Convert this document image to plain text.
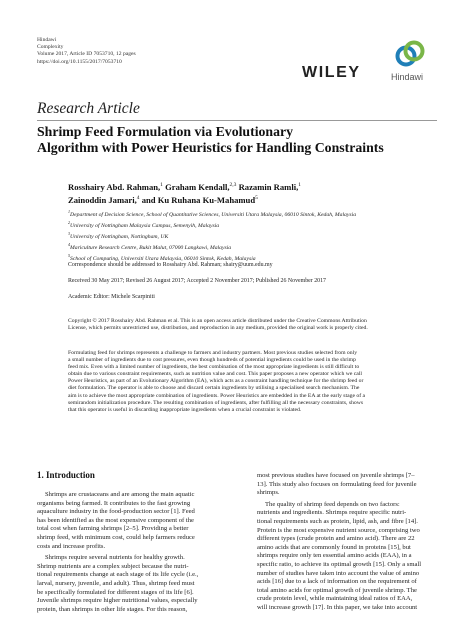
Hindawi
Complexity
Volume 2017, Article ID 7053710, 12 pages
https://doi.org/10.1155/2017/7053710
WILEY	Hindawi
Research Article
Shrimp Feed Formulation via Evolutionary
Algorithm with Power Heuristics for Handling Constraints
Rosshairy Abd. Rahman,$^1$ Graham Kendall,$^{2,3}$ Razamin Ramli,$^1$
Zainoddin Jamari,$^4$ and Ku Ruhana Ku-Mahamud$^5$
$^1$Department of Decision Science, School of Quantitative Sciences, Universiti Utara Malaysia, 06010 Sintok, Kedah, Malaysia
$^2$University of Nottingham Malaysia Campus, Semenyih, Malaysia
$^3$University of Nottingham, Nottingham, UK
$^4$Mariculture Research Centre, Bukit Malut, 07000 Langkawi, Malaysia
$^5$School of Computing, Universiti Utara Malaysia, 06010 Sintok, Kedah, Malaysia
Correspondence should be addressed to Rosshairy Abd. Rahman; shairy@uum.edu.my
Received 30 May 2017; Revised 26 August 2017; Accepted 2 November 2017; Published 26 November 2017
Academic Editor: Michele Scarpiniti
Copyright © 2017 Rosshairy Abd. Rahman et al. This is an open access article distributed under the Creative Commons Attribution
License, which permits unrestricted use, distribution, and reproduction in any medium, provided the original work is properly cited.
Formulating feed for shrimps represents a challenge to farmers and industry partners. Most previous studies selected from only
a small number of ingredients due to cost pressures, even though hundreds of potential ingredients could be used in the shrimp
feed mix. Even with a limited number of ingredients, the best combination of the most appropriate ingredients is still difficult to
obtain due to various constraint requirements, such as nutrition value and cost. This paper proposes a new operator which we call
Power Heuristics, as part of an Evolutionary Algorithm (EA), which acts as a constraint handling technique for the shrimp feed or
diet formulation. The operator is able to choose and discard certain ingredients by utilising a specialised search mechanism. The
aim is to achieve the most appropriate combination of ingredients. Power Heuristics are embedded in the EA at the early stage of a
semirandom initialization procedure. The resulting combination of ingredients, after fulfilling all the necessary constraints, shows
that this operator is useful in discarding inappropriate ingredients when a crucial constraint is violated.
1. Introduction
Shrimps are crustaceans and are among the main aquatic
organisms being farmed. It contributes to the fast growing
aquaculture industry in the food-production sector [1]. Feed
has been identified as the most expensive component of the
total cost when farming shrimps [2–5]. Providing a better
shrimp feed, with minimum cost, could help farmers reduce
costs and increase profits.
Shrimps require several nutrients for healthy growth.
Shrimp nutrients are a complex subject because the nutri-
tional requirements change at each stage of its life cycle (i.e.,
larval, nursery, juvenile, and adult). Thus, shrimp feed must
be specifically formulated for different stages of its life [6].
Juvenile shrimps require higher nutritional values, especially
protein, than shrimps in other life stages. For this reason,
most previous studies have focused on juvenile shrimps [7–
13]. This study also focuses on formulating feed for juvenile
shrimps.
The quality of shrimp feed depends on two factors:
nutrients and ingredients. Shrimps require specific nutri-
tional requirements such as protein, lipid, ash, and fibre [14].
Protein is the most expensive nutrient source, comprising two
different types (crude protein and amino acid). There are 22
amino acids that are commonly found in proteins [15], but
shrimps require only ten essential amino acids (EAA), in a
specific ratio, to achieve its optimal growth [15]. Only a small
number of studies have taken into account the value of amino
acids [16] due to a lack of information on the requirement of
total amino acids for optimal growth of juvenile shrimp. The
crude protein level, while maintaining ideal ratios of EAA,
will increase growth [17]. In this paper, we take into account
